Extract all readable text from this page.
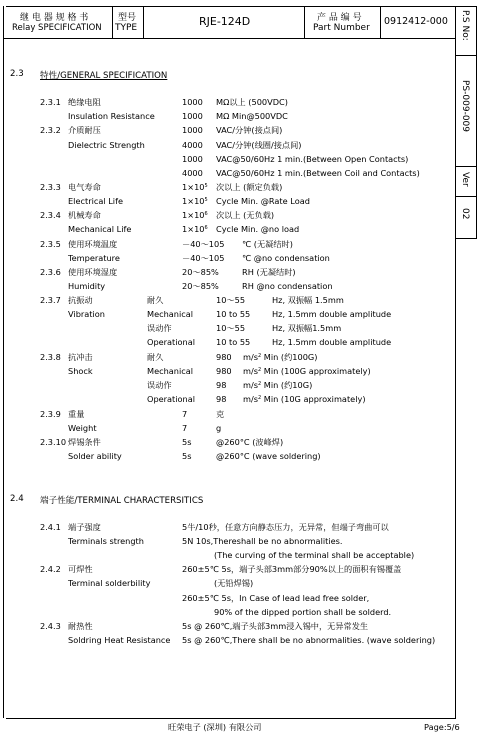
继 电 器 规 格 书
Relay SPECIFICATION
型号
TYPE	RJE-124D	产 品 编 号
Part Number
0912412-000 P.S No:
PS-009-009
Ver
02
2.3 特性/GENERAL SPECIFICATION
2.3.1 绝缘电阻
Insulation Resistance
1000 MΩ以上 (500VDC)
1000 MΩ Min@500VDC
2.3.2 介质耐压
Dielectric Strength
1000 VAC/分钟(接点间)
4000 VAC/分钟(线圈/接点间)
1000 VAC@50/60Hz 1 min.(Between Open Contacts)
4000 VAC@50/60Hz 1 min.(Between Coil and Contacts)
2.3.3 电气寿命
Electrical Life
$1\times 10^5$ 次以上 (额定负载)
$1\times 10^5$ Cycle Min. @Rate Load
2.3.4 机械寿命
Mechanical Life
$1\times 10^6$ 次以上 (无负载)
$1\times 10^6$ Cycle Min. @no load
2.3.5 使用环境温度
Temperature
－40～105 ℃ (无凝结时)
－40～105 ℃ @no condensation
2.3.6 使用环境湿度
Humidity
20～85%	RH (无凝结时)
20～85%	RH @no condensation
2.3.7 抗振动
Vibration
耐久	10～55	Hz, 双振幅 1.5mm
Mechanical	10 to 55	Hz, 1.5mm double amplitude
误动作	10～55	Hz, 双振幅1.5mm
Operational	10 to 55	Hz, 1.5mm double amplitude
2.3.8 抗冲击
Shock
耐久	980 $m/s^2$ Min (约100G)
Mechanical	980 $m/s^2$ Min (100G approximately)
误动作	98 $m/s^2$ Min (约10G)
Operational	98 $m/s^2$ Min (10G approximately)
2.3.9 重量
Weight
7	克
7	g
2.3.10 焊锡条件
Solder ability
5s	@260°C (波峰焊)
5s	@260°C (wave soldering)
2.4 端子性能/TERMINAL CHARACTERSITICS
2.4.1 端子强度
Terminals strength
5牛/10秒，任意方向静态压力，无异常，但端子弯曲可以
5N 10s,Thereshall be no abnormalities.
(The curving of the terminal shall be acceptable)
2.4.2 可焊性
Terminal solderbility
260±5℃ 5s，端子头部3mm部分90%以上的面积有锡覆盖
(无铅焊锡)
260±5℃ 5s，In Case of lead lead free solder,
90% of the dipped portion shall be solderd.
2.4.3 耐热性
Soldring Heat Resistance
5s @ 260℃,端子头部3mm浸入锡中，无异常发生
5s @ 260℃,There shall be no abnormalities. (wave soldering)
旺荣电子 (深圳) 有限公司	Page:5/6
